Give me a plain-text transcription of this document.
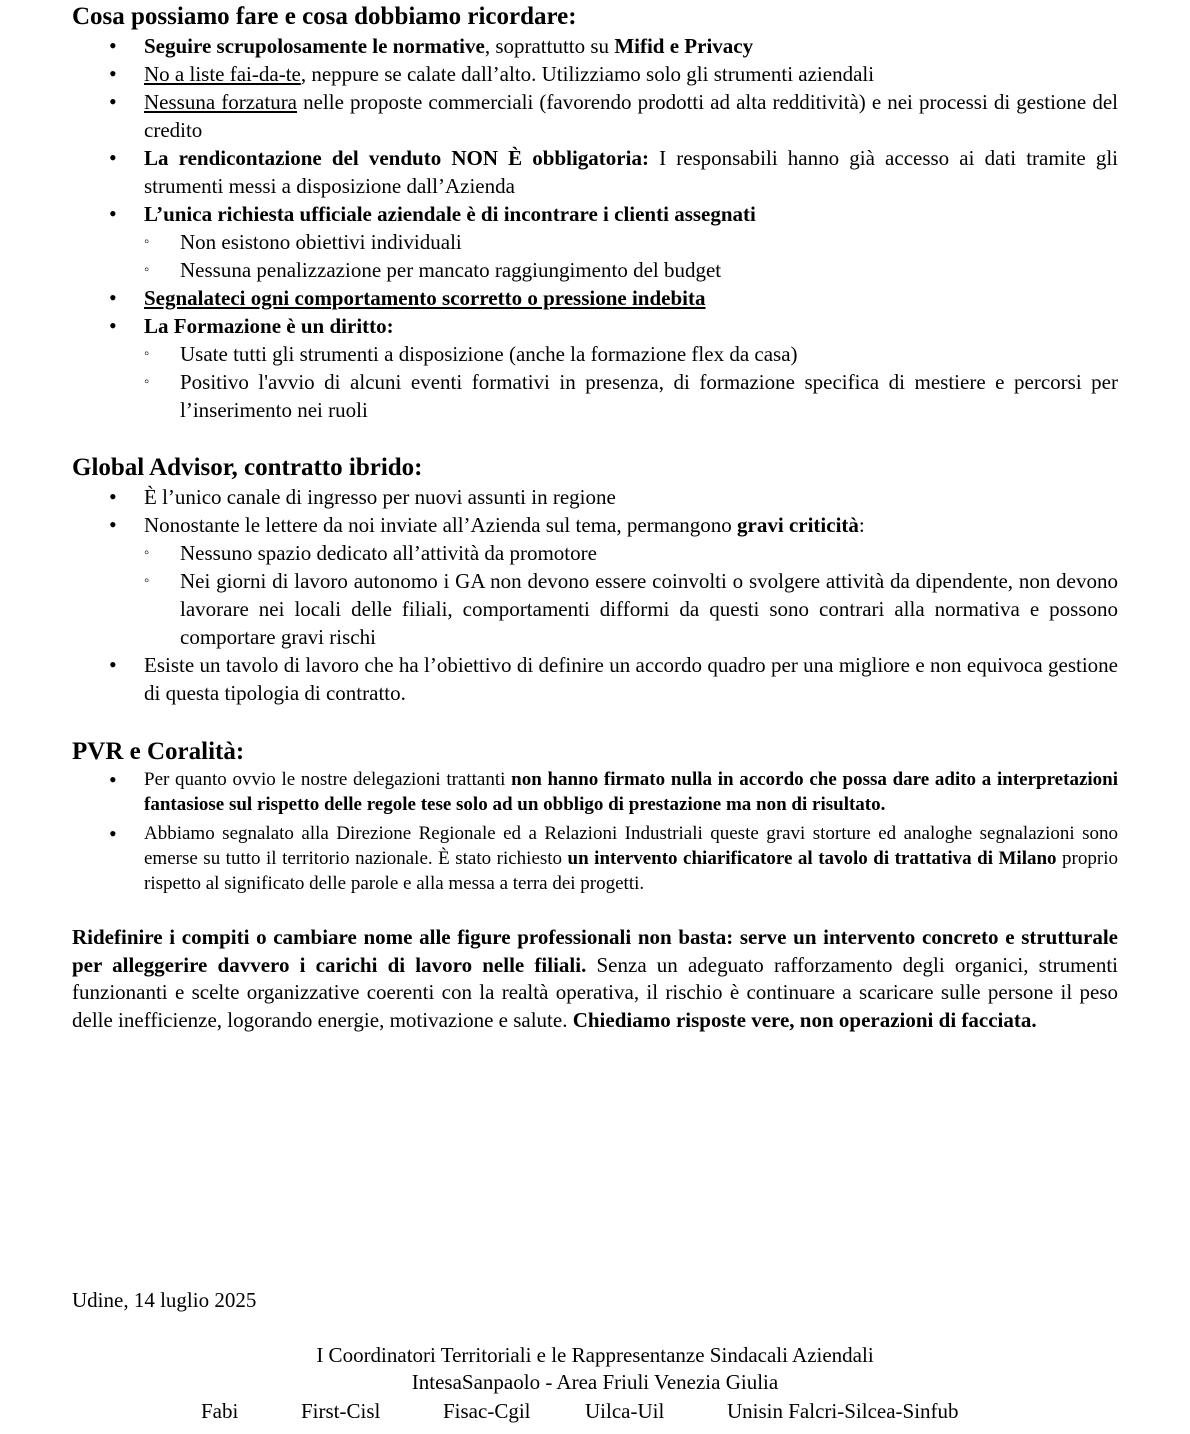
Cosa possiamo fare e cosa dobbiamo ricordare:
• Seguire scrupolosamente le normative, soprattutto su Mifid e Privacy
• No a liste fai-da-te, neppure se calate dall’alto. Utilizziamo solo gli strumenti aziendali
• Nessuna forzatura nelle proposte commerciali (favorendo prodotti ad alta redditività) e nei processi di gestione del credito
• La rendicontazione del venduto NON È obbligatoria: I responsabili hanno già accesso ai dati tramite gli strumenti messi a disposizione dall’Azienda
• L’unica richiesta ufficiale aziendale è di incontrare i clienti assegnati
◦ Non esistono obiettivi individuali
◦ Nessuna penalizzazione per mancato raggiungimento del budget
• Segnalateci ogni comportamento scorretto o pressione indebita
• La Formazione è un diritto:
◦ Usate tutti gli strumenti a disposizione (anche la formazione flex da casa)
◦ Positivo l'avvio di alcuni eventi formativi in presenza, di formazione specifica di mestiere e percorsi per l’inserimento nei ruoli
Global Advisor, contratto ibrido:
• È l’unico canale di ingresso per nuovi assunti in regione
• Nonostante le lettere da noi inviate all’Azienda sul tema, permangono gravi criticità:
◦ Nessuno spazio dedicato all’attività da promotore
◦ Nei giorni di lavoro autonomo i GA non devono essere coinvolti o svolgere attività da dipendente, non devono lavorare nei locali delle filiali, comportamenti difformi da questi sono contrari alla normativa e possono comportare gravi rischi
• Esiste un tavolo di lavoro che ha l’obiettivo di definire un accordo quadro per una migliore e non equivoca gestione di questa tipologia di contratto.
PVR e Coralità:
• Per quanto ovvio le nostre delegazioni trattanti non hanno firmato nulla in accordo che possa dare adito a interpretazioni fantasiose sul rispetto delle regole tese solo ad un obbligo di prestazione ma non di risultato.
• Abbiamo segnalato alla Direzione Regionale ed a Relazioni Industriali queste gravi storture ed analoghe segnalazioni sono emerse su tutto il territorio nazionale. È stato richiesto un intervento chiarificatore al tavolo di trattativa di Milano proprio rispetto al significato delle parole e alla messa a terra dei progetti.

Ridefinire i compiti o cambiare nome alle figure professionali non basta: serve un intervento concreto e strutturale per alleggerire davvero i carichi di lavoro nelle filiali. Senza un adeguato rafforzamento degli organici, strumenti funzionanti e scelte organizzative coerenti con la realtà operativa, il rischio è continuare a scaricare sulle persone il peso delle inefficienze, logorando energie, motivazione e salute. Chiediamo risposte vere, non operazioni di facciata.

Udine, 14 luglio 2025
I Coordinatori Territoriali e le Rappresentanze Sindacali Aziendali
IntesaSanpaolo - Area Friuli Venezia Giulia
Fabi	First-Cisl	Fisac-Cgil	Uilca-Uil	Unisin Falcri-Silcea-Sinfub
